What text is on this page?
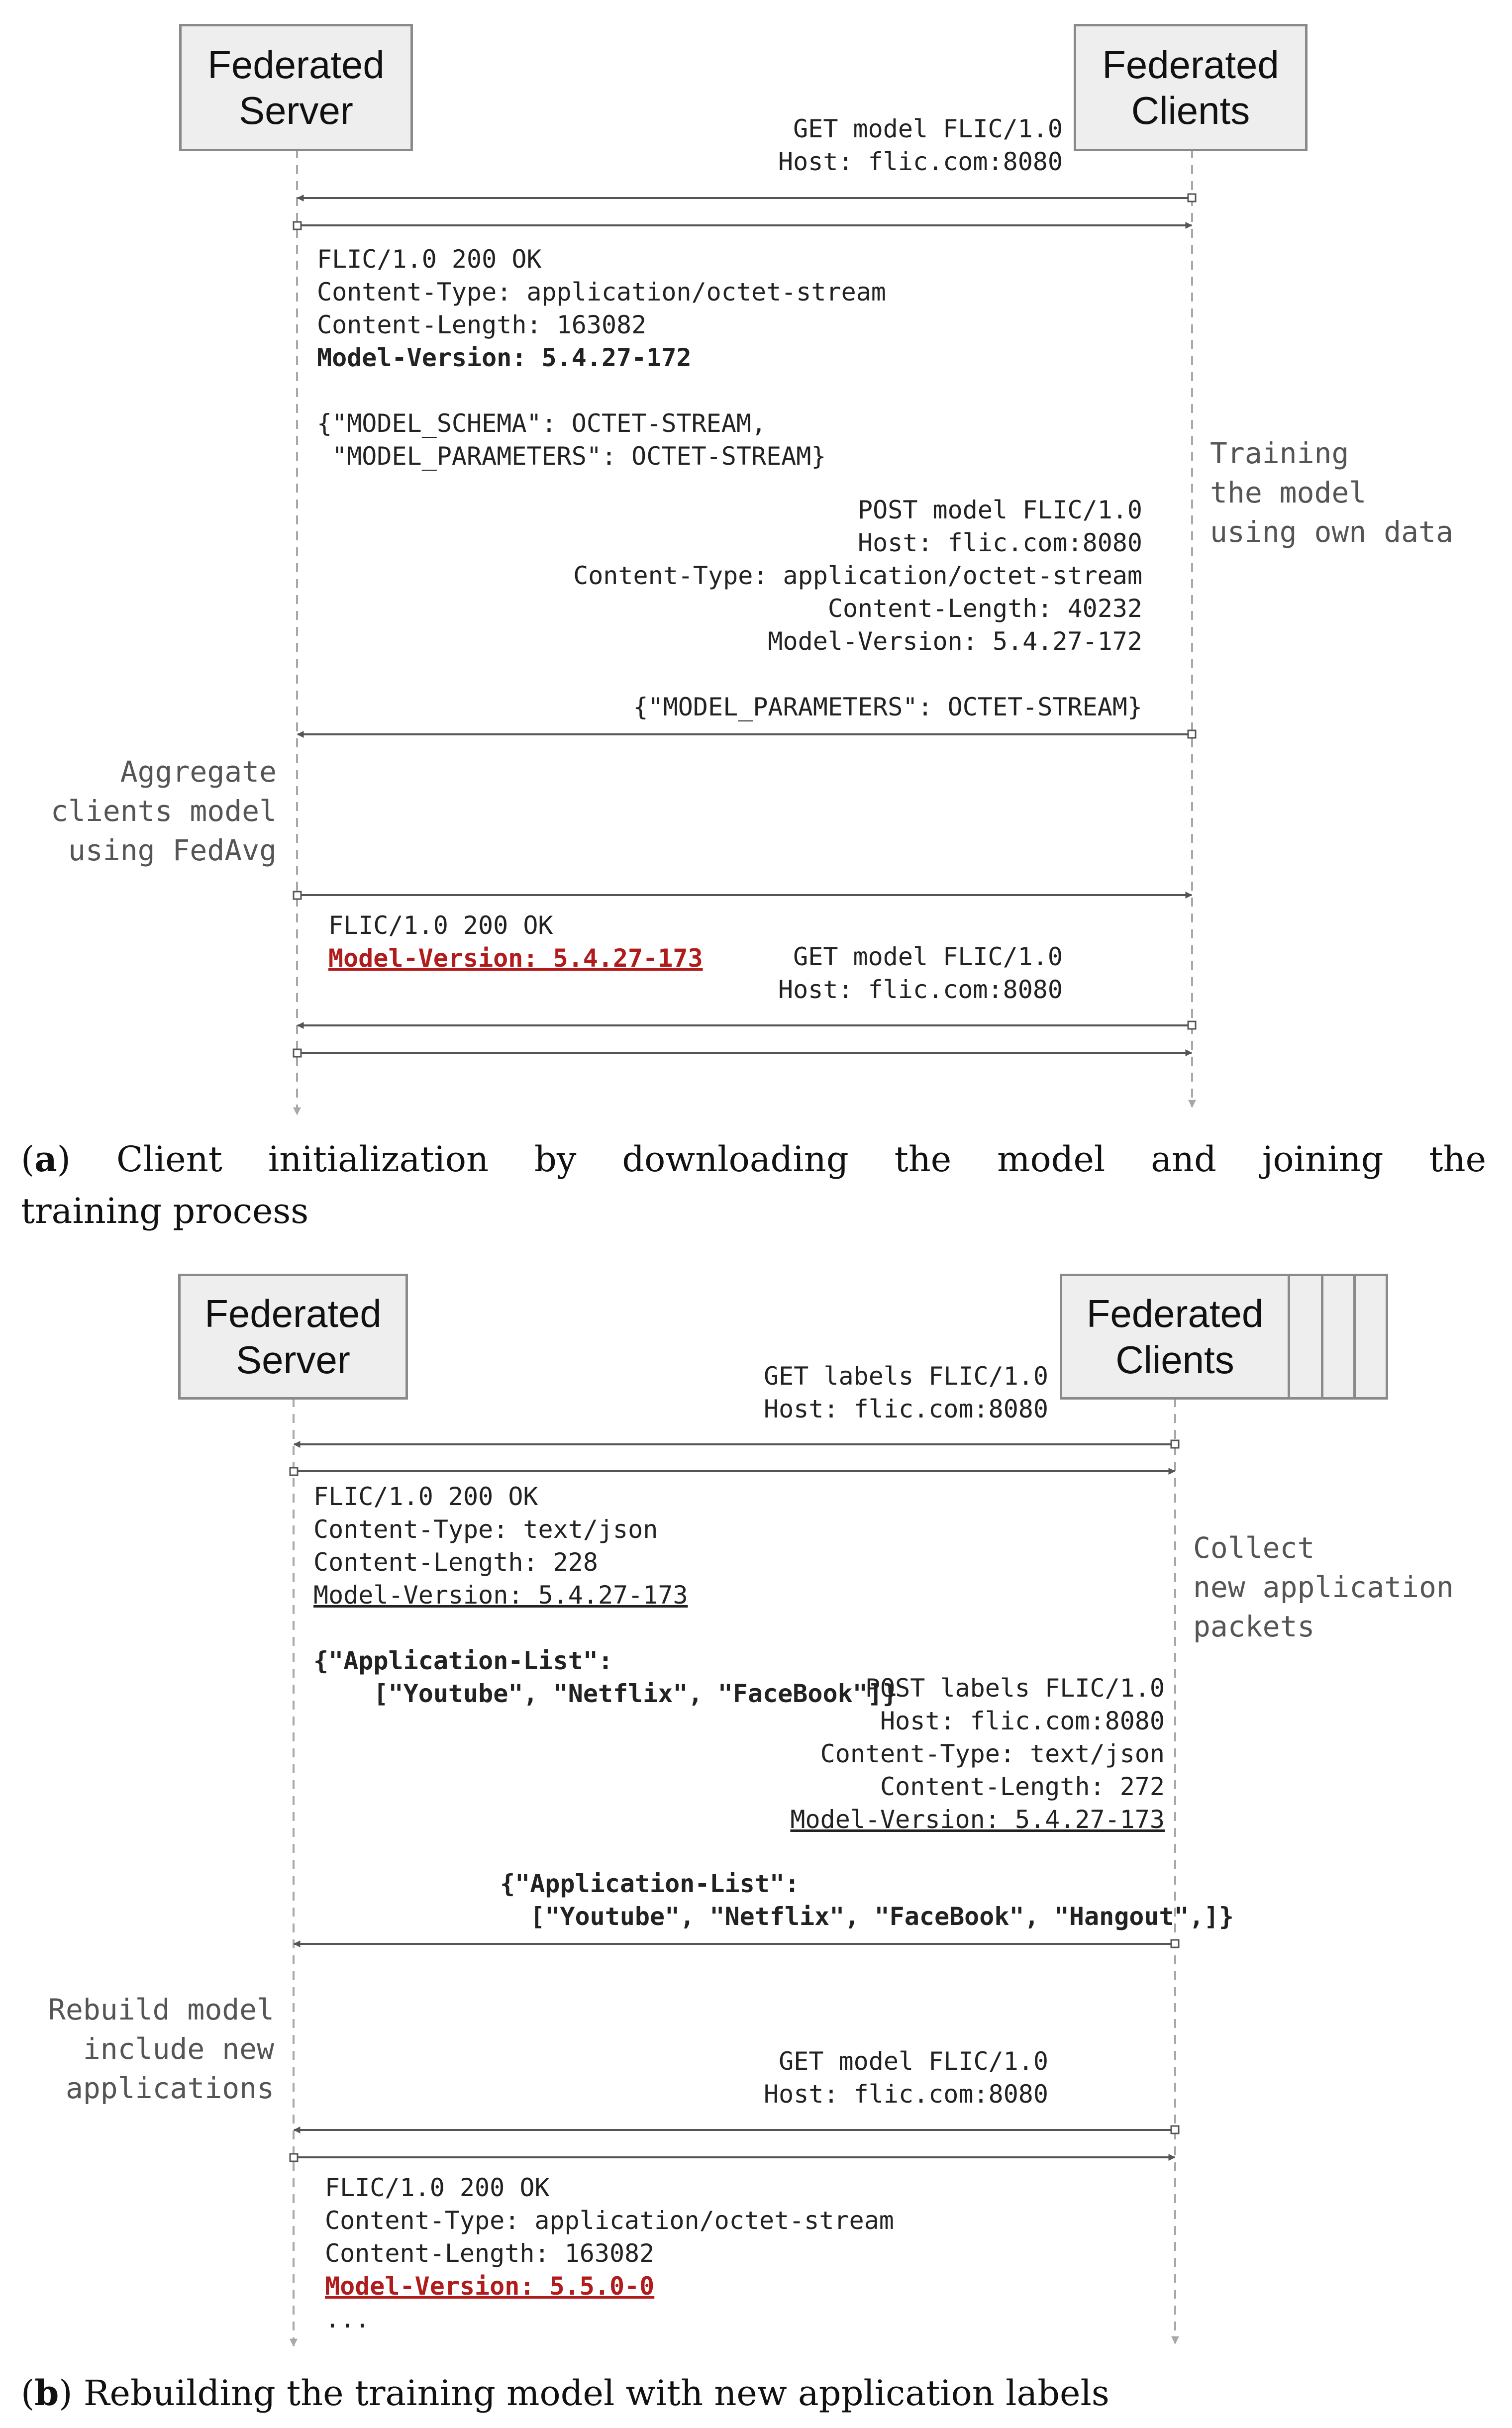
Federated
Server
Federated
Clients
GET model FLIC/1.0
Host: flic.com:8080
FLIC/1.0 200 OK
Content-Type: application/octet-stream
Content-Length: 163082
Model-Version: 5.4.27-172

{"MODEL_SCHEMA": OCTET-STREAM,
"MODEL_PARAMETERS": OCTET-STREAM}	Training
the model
using own data
POST model FLIC/1.0
Host: flic.com:8080
Content-Type: application/octet-stream
Content-Length: 40232
Model-Version: 5.4.27-172

{"MODEL_PARAMETERS": OCTET-STREAM}
Aggregate
clients model
using FedAvg
FLIC/1.0 200 OK
Model-Version: 5.4.27-173	GET model FLIC/1.0
Host: flic.com:8080
(a) Client initialization by downloading the model and joining the
training process
Federated
Server
Federated
Clients
GET labels FLIC/1.0
Host: flic.com:8080
FLIC/1.0 200 OK
Content-Type: text/json
Content-Length: 228
Model-Version: 5.4.27-173

{"Application-List":
["Youtube", "Netflix", "FaceBook"]}
Collect
new application
packets
POST labels FLIC/1.0
Host: flic.com:8080
Content-Type: text/json
Content-Length: 272
Model-Version: 5.4.27-173
{"Application-List":
["Youtube", "Netflix", "FaceBook", "Hangout",]}
Rebuild model
include new
applications
GET model FLIC/1.0
Host: flic.com:8080
FLIC/1.0 200 OK
Content-Type: application/octet-stream
Content-Length: 163082
Model-Version: 5.5.0-0
...
(b) Rebuilding the training model with new application labels
